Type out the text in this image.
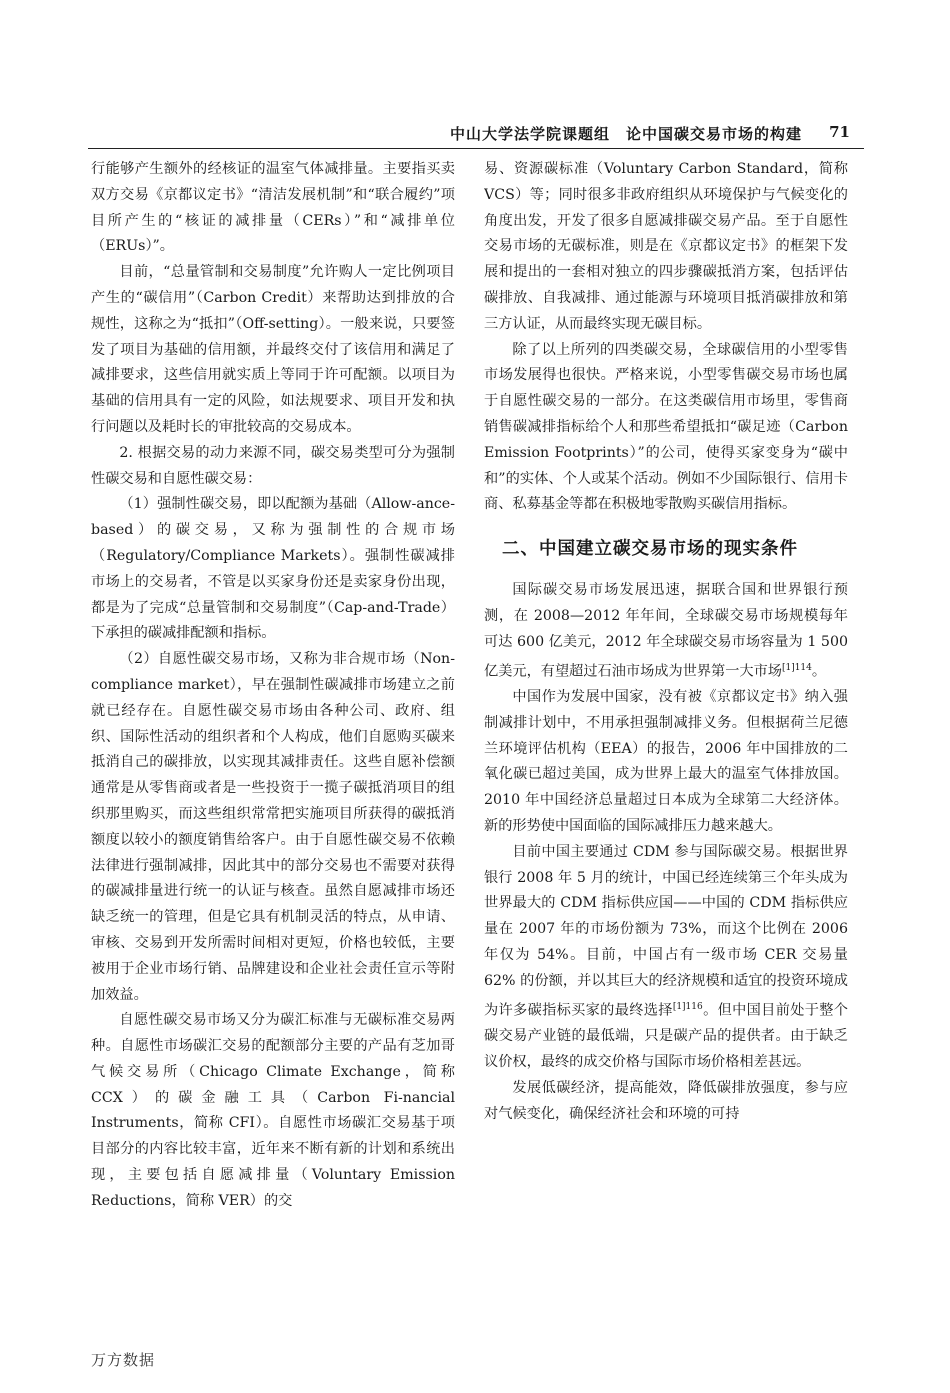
中山大学法学院课题组　论中国碳交易市场的构建 71

行能够产生额外的经核证的温室气体减排量。主要指买卖双方交易《京都议定书》“清洁发展机制”和“联合履约”项目所产生的“核证的减排量（CERs）”和“减排单位（ERUs）”。

目前，“总量管制和交易制度”允许购人一定比例项目产生的“碳信用”（Carbon Credit）来帮助达到排放的合规性，这称之为“抵扣”（Off-setting）。一般来说，只要签发了项目为基础的信用额，并最终交付了该信用和满足了减排要求，这些信用就实质上等同于许可配额。以项目为基础的信用具有一定的风险，如法规要求、项目开发和执行问题以及耗时长的审批较高的交易成本。

2. 根据交易的动力来源不同，碳交易类型可分为强制性碳交易和自愿性碳交易：

（1）强制性碳交易，即以配额为基础（Allow-ance-based）的碳交易，又称为强制性的合规市场（Regulatory/Compliance Markets）。强制性碳减排市场上的交易者，不管是以买家身份还是卖家身份出现，都是为了完成“总量管制和交易制度”（Cap-and-Trade）下承担的碳减排配额和指标。

（2）自愿性碳交易市场，又称为非合规市场（Non-compliance market），早在强制性碳减排市场建立之前就已经存在。自愿性碳交易市场由各种公司、政府、组织、国际性活动的组织者和个人构成，他们自愿购买碳来抵消自己的碳排放，以实现其减排责任。这些自愿补偿额通常是从零售商或者是一些投资于一揽子碳抵消项目的组织那里购买，而这些组织常常把实施项目所获得的碳抵消额度以较小的额度销售给客户。由于自愿性碳交易不依赖法律进行强制减排，因此其中的部分交易也不需要对获得的碳减排量进行统一的认证与核查。虽然自愿减排市场还缺乏统一的管理，但是它具有机制灵活的特点，从申请、审核、交易到开发所需时间相对更短，价格也较低，主要被用于企业市场行销、品牌建设和企业社会责任宣示等附加效益。

自愿性碳交易市场又分为碳汇标准与无碳标准交易两种。自愿性市场碳汇交易的配额部分主要的产品有芝加哥气候交易所（Chicago Climate Exchange，简称 CCX）的碳金融工具（Carbon Fi-nancial Instruments，简称 CFI）。自愿性市场碳汇交易基于项目部分的内容比较丰富，近年来不断有新的计划和系统出现，主要包括自愿减排量（Voluntary Emission Reductions，简称 VER）的交

易、资源碳标准（Voluntary Carbon Standard，简称VCS）等；同时很多非政府组织从环境保护与气候变化的角度出发，开发了很多自愿减排碳交易产品。至于自愿性交易市场的无碳标准，则是在《京都议定书》的框架下发展和提出的一套相对独立的四步骤碳抵消方案，包括评估碳排放、自我减排、通过能源与环境项目抵消碳排放和第三方认证，从而最终实现无碳目标。

除了以上所列的四类碳交易，全球碳信用的小型零售市场发展得也很快。严格来说，小型零售碳交易市场也属于自愿性碳交易的一部分。在这类碳信用市场里，零售商销售碳减排指标给个人和那些希望抵扣“碳足迹（Carbon Emission Footprints）”的公司，使得买家变身为“碳中和”的实体、个人或某个活动。例如不少国际银行、信用卡商、私募基金等都在积极地零散购买碳信用指标。

二、中国建立碳交易市场的现实条件

国际碳交易市场发展迅速，据联合国和世界银行预测，在 2008—2012 年年间，全球碳交易市场规模每年可达 600 亿美元，2012 年全球碳交易市场容量为 1 500 亿美元，有望超过石油市场成为世界第一大市场$^{[1]114}$。

中国作为发展中国家，没有被《京都议定书》纳入强制减排计划中，不用承担强制减排义务。但根据荷兰尼德兰环境评估机构（EEA）的报告，2006 年中国排放的二氧化碳已超过美国，成为世界上最大的温室气体排放国。2010 年中国经济总量超过日本成为全球第二大经济体。新的形势使中国面临的国际减排压力越来越大。

目前中国主要通过 CDM 参与国际碳交易。根据世界银行 2008 年 5 月的统计，中国已经连续第三个年头成为世界最大的 CDM 指标供应国——中国的 CDM 指标供应量在 2007 年的市场份额为 73%，而这个比例在 2006 年仅为 54%。目前，中国占有一级市场 CER 交易量 62% 的份额，并以其巨大的经济规模和适宜的投资环境成为许多碳指标买家的最终选择$^{[1]116}$。但中国目前处于整个碳交易产业链的最低端，只是碳产品的提供者。由于缺乏议价权，最终的成交价格与国际市场价格相差甚远。

发展低碳经济，提高能效，降低碳排放强度，参与应对气候变化，确保经济社会和环境的可持

万方数据
